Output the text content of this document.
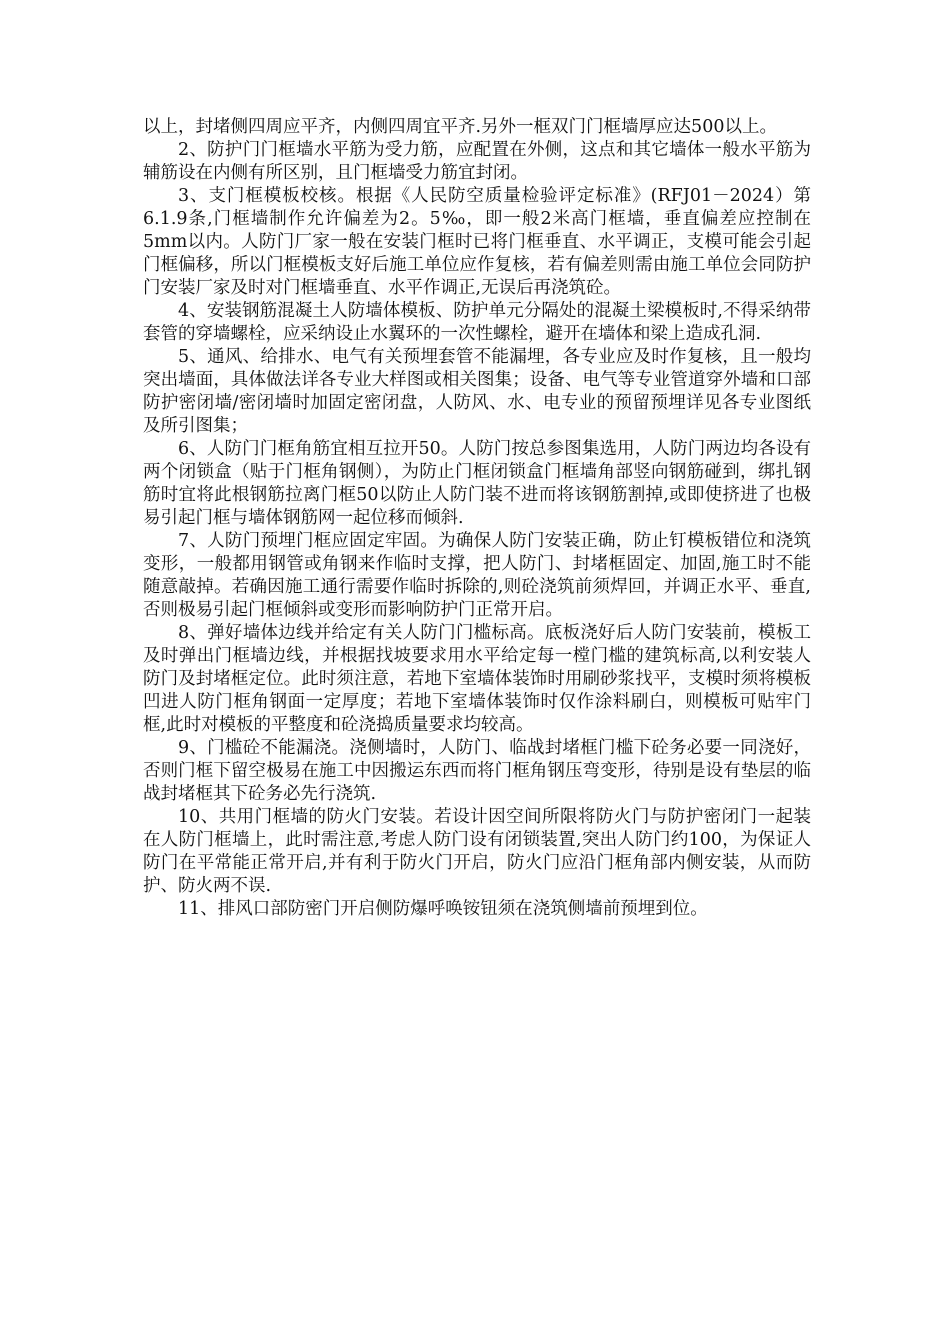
以上，封堵侧四周应平齐，内侧四周宜平齐.另外一框双门门框墙厚应达500以上。

2、防护门门框墙水平筋为受力筋，应配置在外侧，这点和其它墙体一般水平筋为辅筋设在内侧有所区别，且门框墙受力筋宜封闭。

3、支门框模板校核。根据《人民防空质量检验评定标准》(RFJ01－2024）第6.1.9条,门框墙制作允许偏差为2。5‰，即一般2米高门框墙，垂直偏差应控制在5mm以内。人防门厂家一般在安装门框时已将门框垂直、水平调正，支模可能会引起门框偏移，所以门框模板支好后施工单位应作复核，若有偏差则需由施工单位会同防护门安装厂家及时对门框墙垂直、水平作调正,无误后再浇筑砼。

4、安装钢筋混凝土人防墙体模板、防护单元分隔处的混凝土梁模板时,不得采纳带套管的穿墙螺栓，应采纳设止水翼环的一次性螺栓，避开在墙体和梁上造成孔洞.

5、通风、给排水、电气有关预埋套管不能漏埋，各专业应及时作复核，且一般均突出墙面，具体做法详各专业大样图或相关图集；设备、电气等专业管道穿外墙和口部防护密闭墙/密闭墙时加固定密闭盘，人防风、水、电专业的预留预埋详见各专业图纸及所引图集；

6、人防门门框角筋宜相互拉开50。人防门按总参图集选用，人防门两边均各设有两个闭锁盒（贴于门框角钢侧），为防止门框闭锁盒门框墙角部竖向钢筋碰到，绑扎钢筋时宜将此根钢筋拉离门框50以防止人防门装不进而将该钢筋割掉,或即使挤进了也极易引起门框与墙体钢筋网一起位移而倾斜.

7、人防门预埋门框应固定牢固。为确保人防门安装正确，防止钉模板错位和浇筑变形，一般都用钢管或角钢来作临时支撑，把人防门、封堵框固定、加固,施工时不能随意敲掉。若确因施工通行需要作临时拆除的,则砼浇筑前须焊回，并调正水平、垂直,否则极易引起门框倾斜或变形而影响防护门正常开启。

8、弹好墙体边线并给定有关人防门门槛标高。底板浇好后人防门安装前，模板工及时弹出门框墙边线，并根据找坡要求用水平给定每一樘门槛的建筑标高,以利安装人防门及封堵框定位。此时须注意，若地下室墙体装饰时用刷砂浆找平，支模时须将模板凹进人防门框角钢面一定厚度；若地下室墙体装饰时仅作涂料刷白，则模板可贴牢门框,此时对模板的平整度和砼浇捣质量要求均较高。

9、门槛砼不能漏浇。浇侧墙时，人防门、临战封堵框门槛下砼务必要一同浇好，否则门框下留空极易在施工中因搬运东西而将门框角钢压弯变形，待别是设有垫层的临战封堵框其下砼务必先行浇筑.

10、共用门框墙的防火门安装。若设计因空间所限将防火门与防护密闭门一起装在人防门框墙上，此时需注意,考虑人防门设有闭锁装置,突出人防门约100，为保证人防门在平常能正常开启,并有利于防火门开启，防火门应沿门框角部内侧安装，从而防护、防火两不误.

11、排风口部防密门开启侧防爆呼唤铵钮须在浇筑侧墙前预埋到位。
